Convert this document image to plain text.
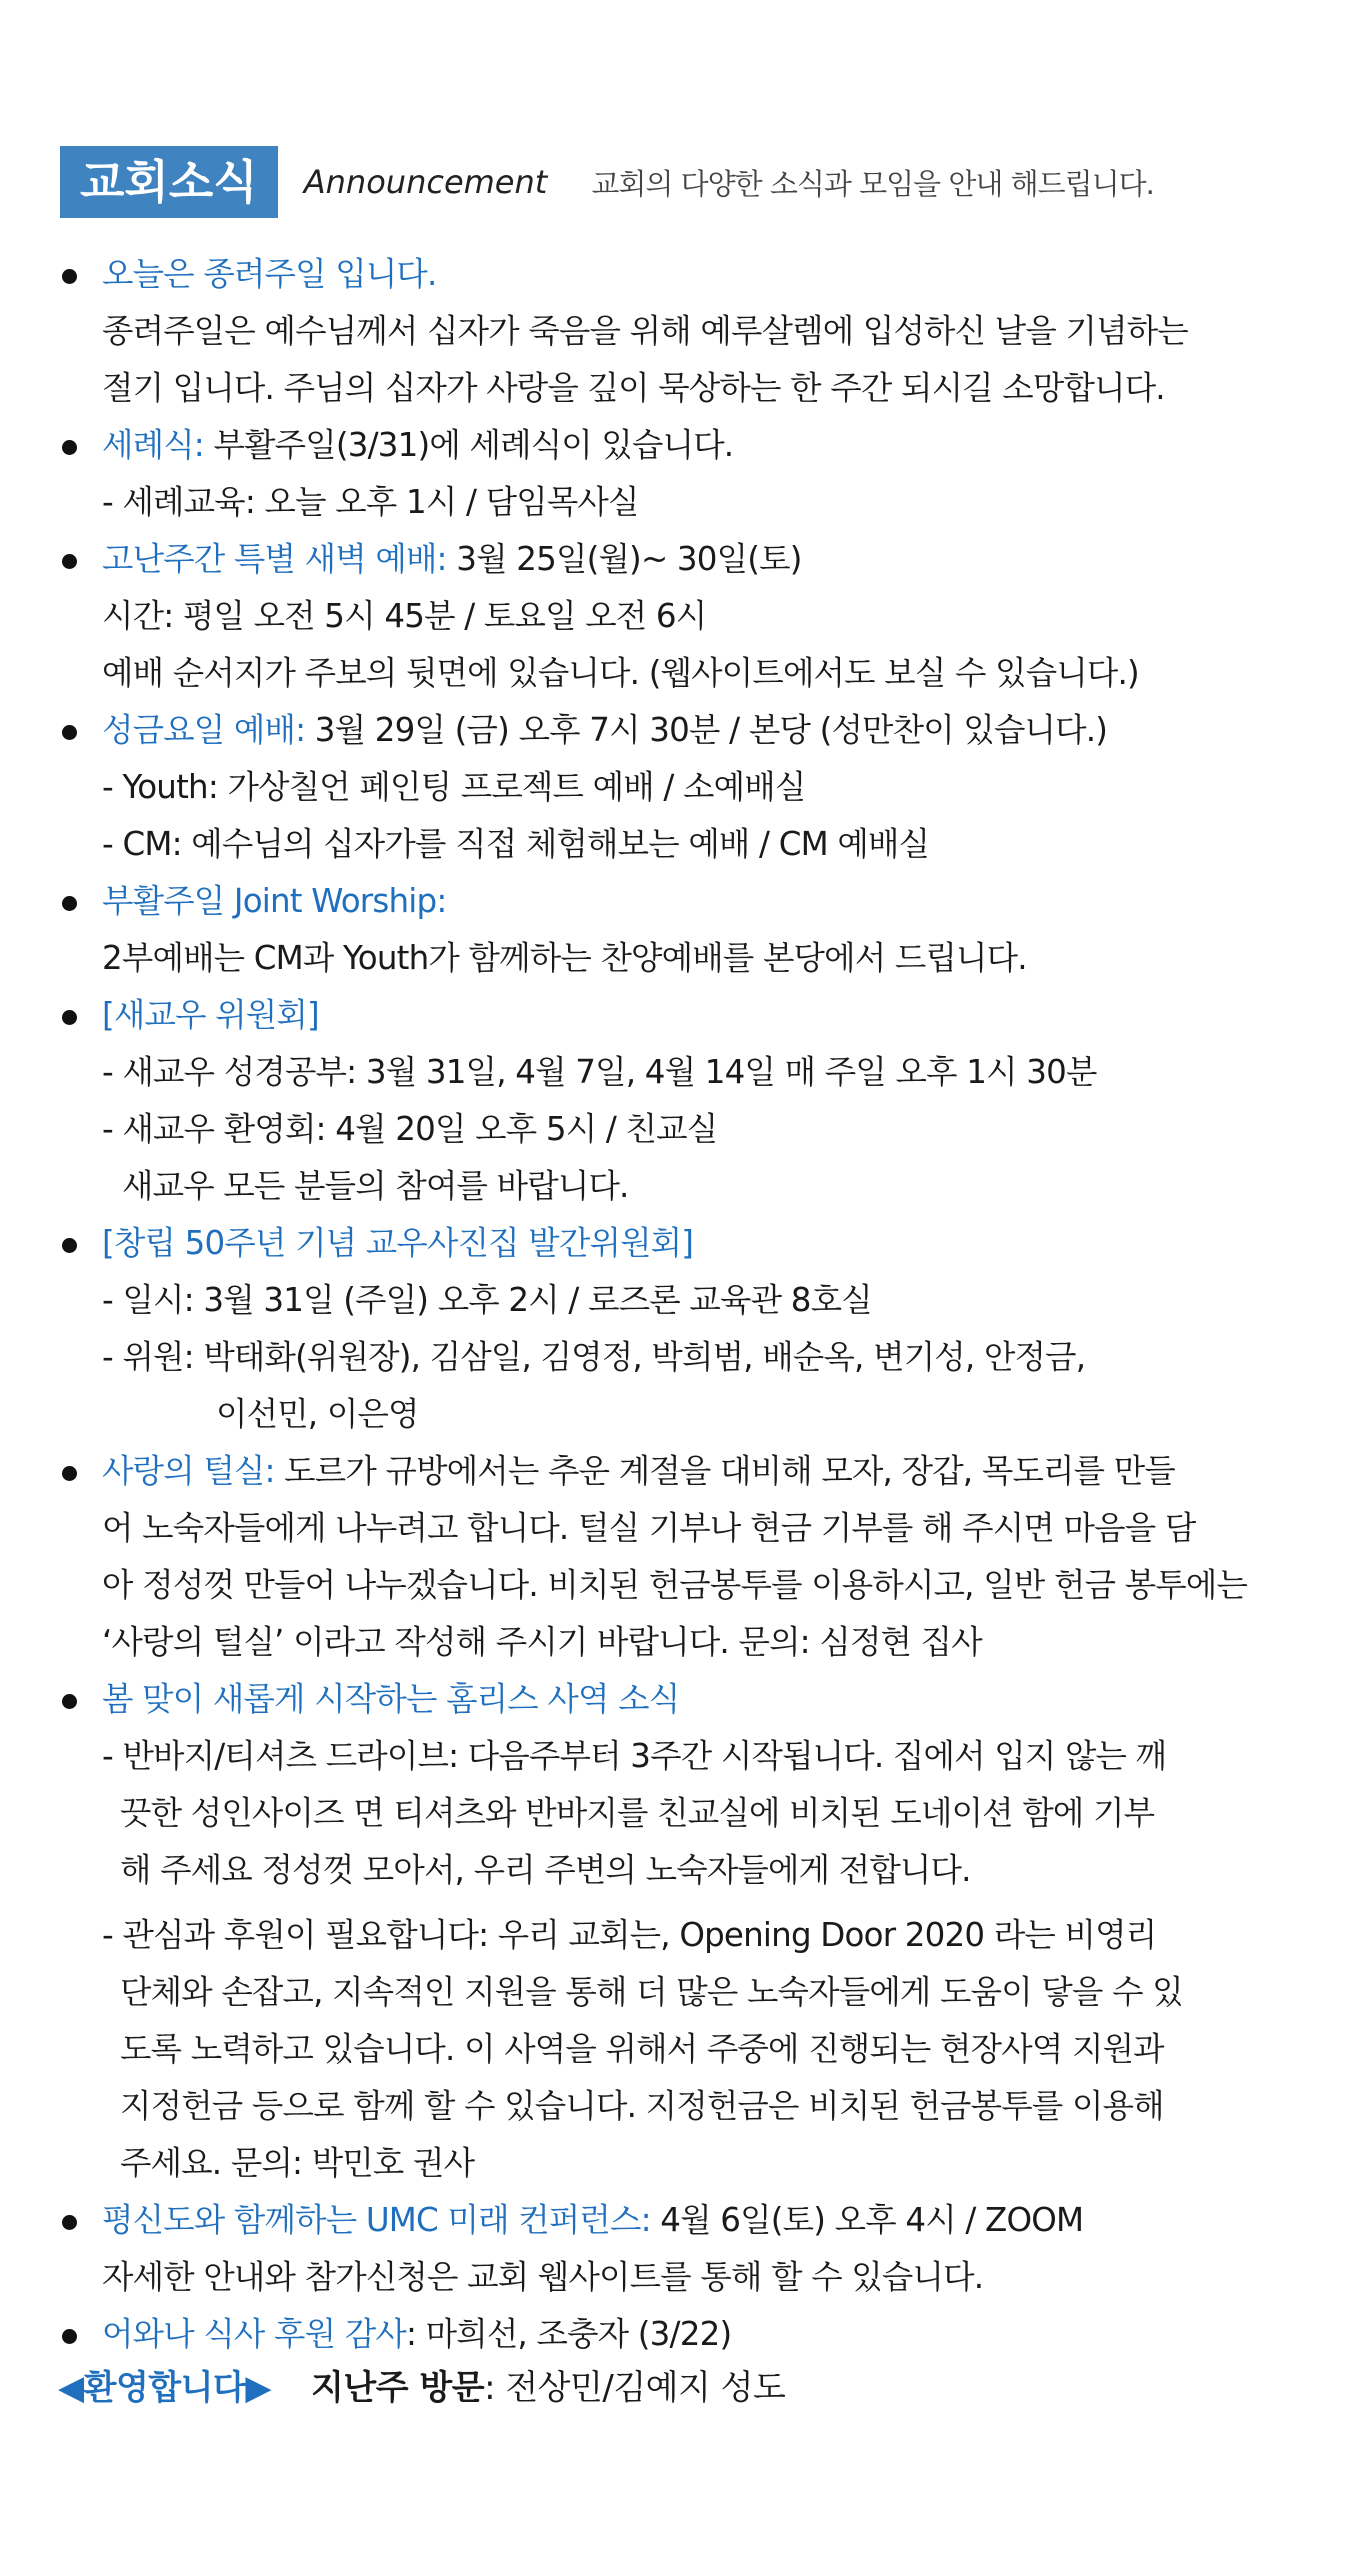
교회소식	Announcement 교회의 다양한 소식과 모임을 안내 해드립니다.
오늘은 종려주일 입니다.
종려주일은 예수님께서 십자가 죽음을 위해 예루살렘에 입성하신 날을 기념하는
절기 입니다. 주님의 십자가 사랑을 깊이 묵상하는 한 주간 되시길 소망합니다.
세례식: 부활주일(3/31)에 세례식이 있습니다.
- 세례교육: 오늘 오후 1시 / 담임목사실
고난주간 특별 새벽 예배: 3월 25일(월)~ 30일(토)
시간: 평일 오전 5시 45분 / 토요일 오전 6시
예배 순서지가 주보의 뒷면에 있습니다. (웹사이트에서도 보실 수 있습니다.)
성금요일 예배: 3월 29일 (금) 오후 7시 30분 / 본당 (성만찬이 있습니다.)
- Youth: 가상칠언 페인팅 프로젝트 예배 / 소예배실
- CM: 예수님의 십자가를 직접 체험해보는 예배 / CM 예배실
부활주일 Joint Worship:
2부예배는 CM과 Youth가 함께하는 찬양예배를 본당에서 드립니다.
[새교우 위원회]
- 새교우 성경공부: 3월 31일, 4월 7일, 4월 14일 매 주일 오후 1시 30분
- 새교우 환영회: 4월 20일 오후 5시 / 친교실
새교우 모든 분들의 참여를 바랍니다.
[창립 50주년 기념 교우사진집 발간위원회]
- 일시: 3월 31일 (주일) 오후 2시 / 로즈론 교육관 8호실
- 위원: 박태화(위원장), 김삼일, 김영정, 박희범, 배순옥, 변기성, 안정금,
이선민, 이은영
사랑의 털실: 도르가 규방에서는 추운 계절을 대비해 모자, 장갑, 목도리를 만들
어 노숙자들에게 나누려고 합니다. 털실 기부나 현금 기부를 해 주시면 마음을 담
아 정성껏 만들어 나누겠습니다. 비치된 헌금봉투를 이용하시고, 일반 헌금 봉투에는
‘사랑의 털실’ 이라고 작성해 주시기 바랍니다. 문의: 심정현 집사
봄 맞이 새롭게 시작하는 홈리스 사역 소식
- 반바지/티셔츠 드라이브: 다음주부터 3주간 시작됩니다. 집에서 입지 않는 깨
끗한 성인사이즈 면 티셔츠와 반바지를 친교실에 비치된 도네이션 함에 기부
해 주세요 정성껏 모아서, 우리 주변의 노숙자들에게 전합니다.
- 관심과 후원이 필요합니다: 우리 교회는, Opening Door 2020 라는 비영리
단체와 손잡고, 지속적인 지원을 통해 더 많은 노숙자들에게 도움이 닿을 수 있
도록 노력하고 있습니다. 이 사역을 위해서 주중에 진행되는 현장사역 지원과
지정헌금 등으로 함께 할 수 있습니다. 지정헌금은 비치된 헌금봉투를 이용해
주세요. 문의: 박민호 권사
평신도와 함께하는 UMC 미래 컨퍼런스: 4월 6일(토) 오후 4시 / ZOOM
자세한 안내와 참가신청은 교회 웹사이트를 통해 할 수 있습니다.
어와나 식사 후원 감사: 마희선, 조충자 (3/22)
◀환영합니다▶ 지난주 방문: 전상민/김예지 성도
